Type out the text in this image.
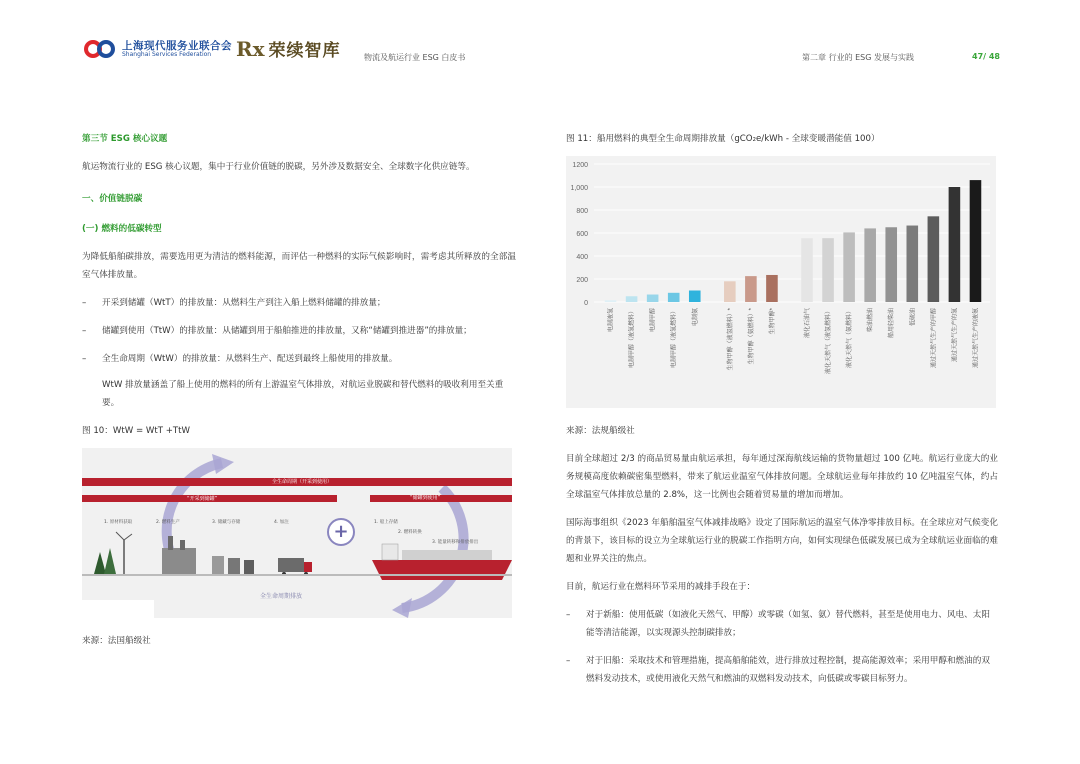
上海现代服务业联合会
Shanghai Services Federation	Rx 荣续智库	物流及航运行业 ESG 白皮书	第二章 行业的 ESG 发展与实践	47/ 48
第三节 ESG 核心议题
航运物流行业的 ESG 核心议题，集中于行业价值链的脱碳，另外涉及数据安全、全球数字化供应链等。
一、价值链脱碳
(一) 燃料的低碳转型
为降低船舶碳排放，需要选用更为清洁的燃料能源，而评估一种燃料的实际气候影响时，需考虑其所释放的全部温室气体排放量。
–	开采到储罐（WtT）的排放量：从燃料生产到注入船上燃料储罐的排放量；
–	储罐到使用（TtW）的排放量：从储罐到用于船舶推进的排放量，又称“储罐到推进器”的排放量；
–	全生命周期（WtW）的排放量：从燃料生产、配送到最终上船使用的排放量。
WtW 排放量涵盖了船上使用的燃料的所有上游温室气体排放，对航运业脱碳和替代燃料的吸收利用至关重要。
图 10：WtW = WtT +TtW
全生命周期（开采到使用）
“开采到储罐”	“储罐到使用”
1. 原材料获取	2. 燃料生产	3. 储藏与存储	4. 加注	1. 船上存储
2. 燃料转换
3. 能量转移和排放排出
+
全生命周期排放
来源：法国船级社
图 11：船用燃料的典型全生命周期排放量（gCO₂e/kWh - 全球变暖潜能值 100）
0
200
400
600
800
1,000
1200
电制液氢	电制甲醇（液氢燃料）	电制甲醇	电制甲醇（液氢燃料）	电制氨	生物甲醇（液氢燃料）*	生物甲醇（氨燃料）*	生物甲醇*	液化石油气	液化天然气（液氢燃料）	液化天然气（氨燃料）	柴油燃油	船用轻柴油	低硫油	通过天然气生产的甲醇	通过天然气生产的氢	通过天然气生产的液氨
来源：法规船级社
目前全球超过 2/3 的商品贸易量由航运承担，每年通过深海航线运输的货物量超过 100 亿吨。航运行业庞大的业务规模高度依赖碳密集型燃料，带来了航运业温室气体排放问题。全球航运业每年排放约 10 亿吨温室气体，约占全球温室气体排放总量的 2.8%，这一比例也会随着贸易量的增加而增加。
国际海事组织《2023 年船舶温室气体减排战略》设定了国际航运的温室气体净零排放目标。在全球应对气候变化的背景下，该目标的设立为全球航运行业的脱碳工作指明方向，如何实现绿色低碳发展已成为全球航运业面临的难题和业界关注的焦点。
目前，航运行业在燃料环节采用的减排手段在于：
–	对于新船：使用低碳（如液化天然气、甲醇）或零碳（如氢、氨）替代燃料，甚至是使用电力、风电、太阳能等清洁能源，以实现源头控制碳排放；
–	对于旧船：采取技术和管理措施，提高船舶能效，进行排放过程控制，提高能源效率；采用甲醇和燃油的双燃料发动技术，或使用液化天然气和燃油的双燃料发动技术，向低碳或零碳目标努力。
